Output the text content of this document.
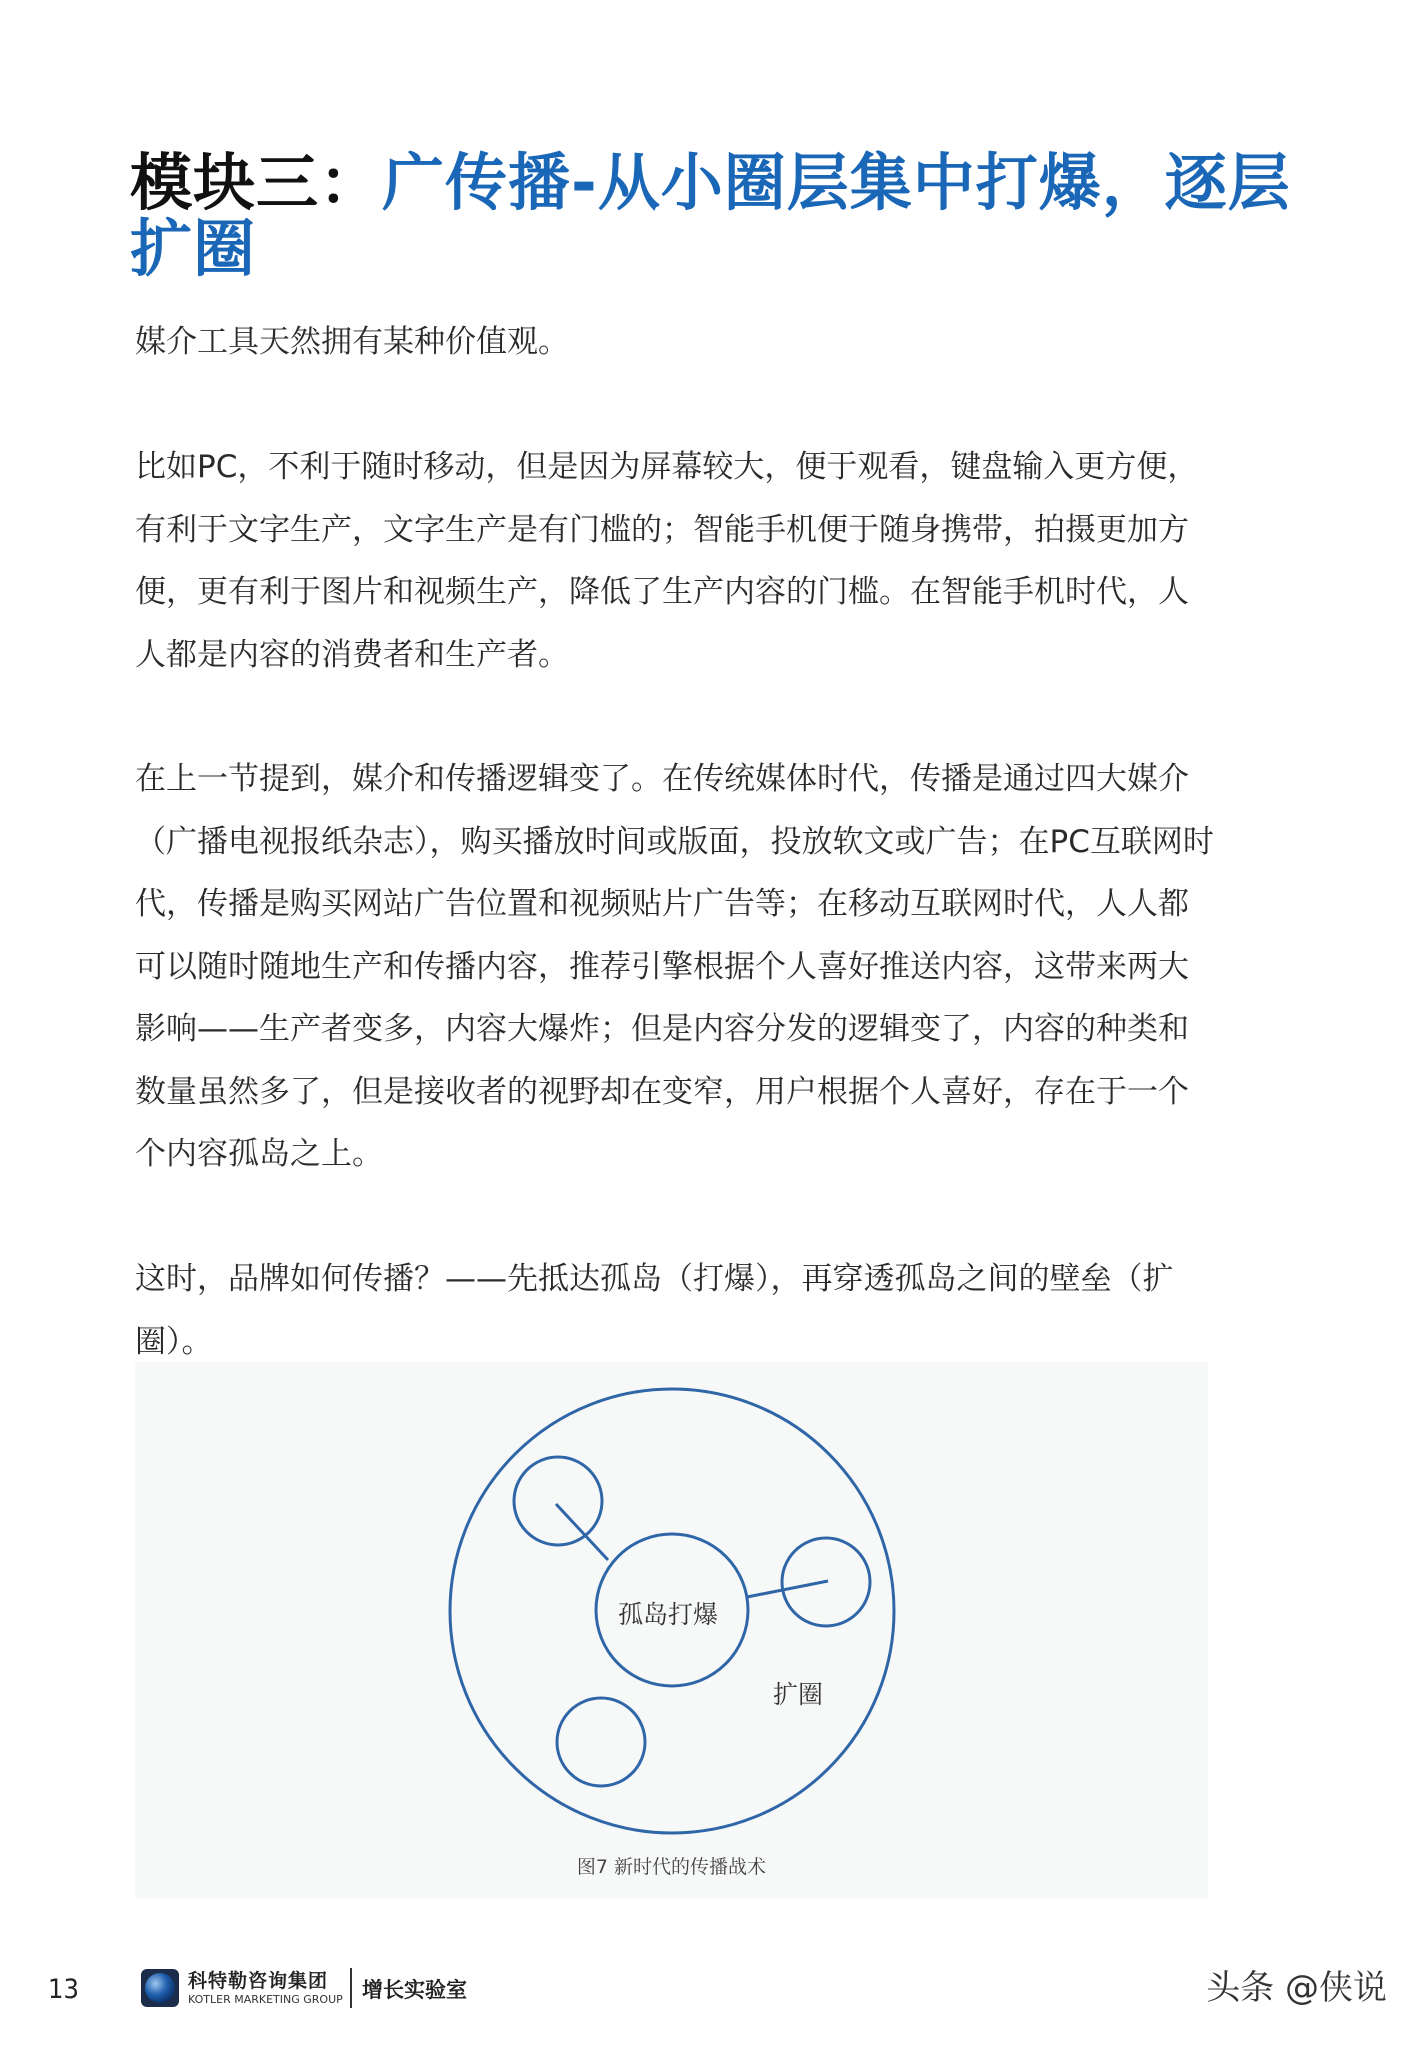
模块三：广传播-从小圈层集中打爆，逐层扩圈

媒介工具天然拥有某种价值观。

比如PC，不利于随时移动，但是因为屏幕较大，便于观看，键盘输入更方便，有利于文字生产，文字生产是有门槛的；智能手机便于随身携带，拍摄更加方便，更有利于图片和视频生产，降低了生产内容的门槛。在智能手机时代，人人都是内容的消费者和生产者。

在上一节提到，媒介和传播逻辑变了。在传统媒体时代，传播是通过四大媒介（广播电视报纸杂志），购买播放时间或版面，投放软文或广告；在PC互联网时代，传播是购买网站广告位置和视频贴片广告等；在移动互联网时代，人人都可以随时随地生产和传播内容，推荐引擎根据个人喜好推送内容，这带来两大影响——生产者变多，内容大爆炸；但是内容分发的逻辑变了，内容的种类和数量虽然多了，但是接收者的视野却在变窄，用户根据个人喜好，存在于一个个内容孤岛之上。

这时，品牌如何传播？——先抵达孤岛（打爆），再穿透孤岛之间的壁垒（扩圈）。

孤岛打爆
扩圈
图7 新时代的传播战术
13	科特勒咨询集团
KOTLER MARKETING GROUP 增长实验室	头条 @侠说
